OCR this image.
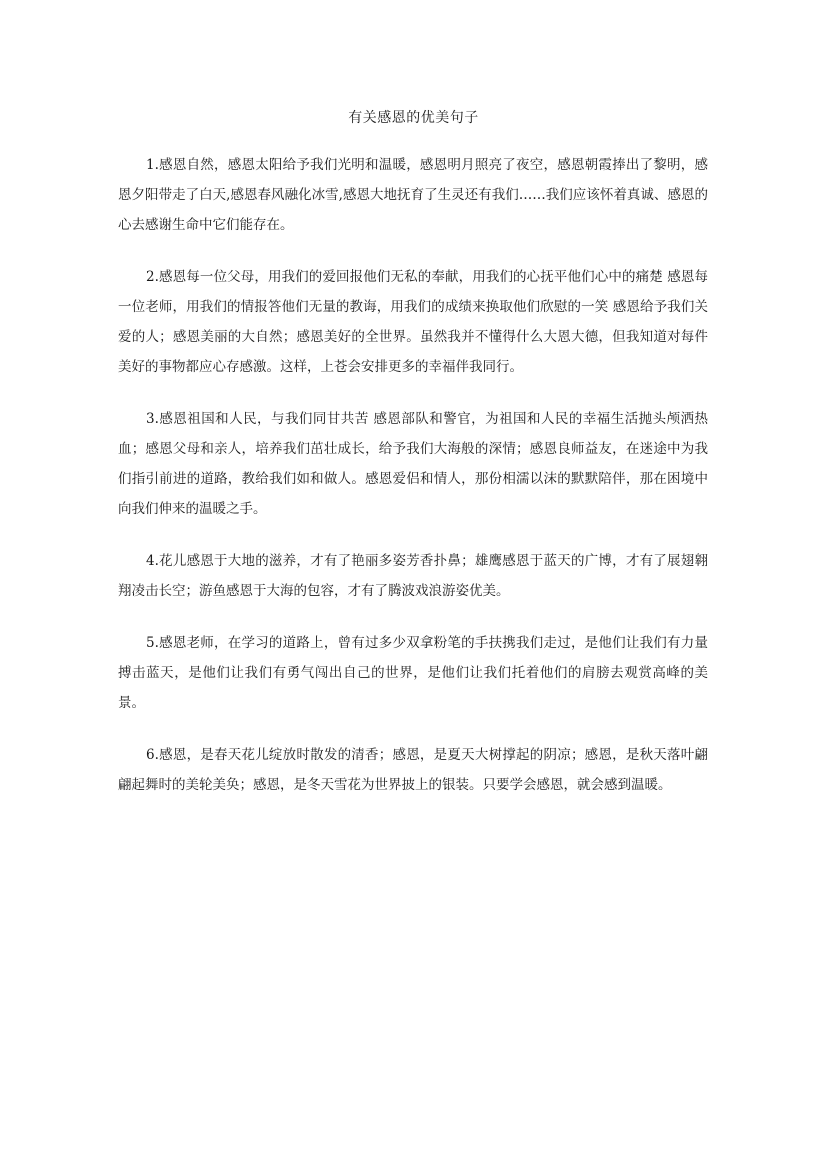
有关感恩的优美句子

1.感恩自然，感恩太阳给予我们光明和温暖，感恩明月照亮了夜空，感恩朝霞捧出了黎明，感恩夕阳带走了白天,感恩春风融化冰雪,感恩大地抚育了生灵还有我们……我们应该怀着真诚、感恩的心去感谢生命中它们能存在。

2.感恩每一位父母，用我们的爱回报他们无私的奉献，用我们的心抚平他们心中的痛楚 感恩每一位老师，用我们的情报答他们无量的教诲，用我们的成绩来换取他们欣慰的一笑 感恩给予我们关爱的人；感恩美丽的大自然；感恩美好的全世界。虽然我并不懂得什么大恩大德，但我知道对每件美好的事物都应心存感激。这样，上苍会安排更多的幸福伴我同行。

3.感恩祖国和人民，与我们同甘共苦 感恩部队和警官，为祖国和人民的幸福生活抛头颅洒热血；感恩父母和亲人，培养我们茁壮成长，给予我们大海般的深情；感恩良师益友，在迷途中为我们指引前进的道路，教给我们如和做人。感恩爱侣和情人，那份相濡以沫的默默陪伴，那在困境中向我们伸来的温暖之手。

4.花儿感恩于大地的滋养，才有了艳丽多姿芳香扑鼻；雄鹰感恩于蓝天的广博，才有了展翅翱翔凌击长空；游鱼感恩于大海的包容，才有了腾波戏浪游姿优美。

5.感恩老师，在学习的道路上，曾有过多少双拿粉笔的手扶携我们走过，是他们让我们有力量搏击蓝天，是他们让我们有勇气闯出自己的世界，是他们让我们托着他们的肩膀去观赏高峰的美景。

6.感恩，是春天花儿绽放时散发的清香；感恩，是夏天大树撑起的阴凉；感恩，是秋天落叶翩翩起舞时的美轮美奂；感恩，是冬天雪花为世界披上的银装。只要学会感恩，就会感到温暖。
